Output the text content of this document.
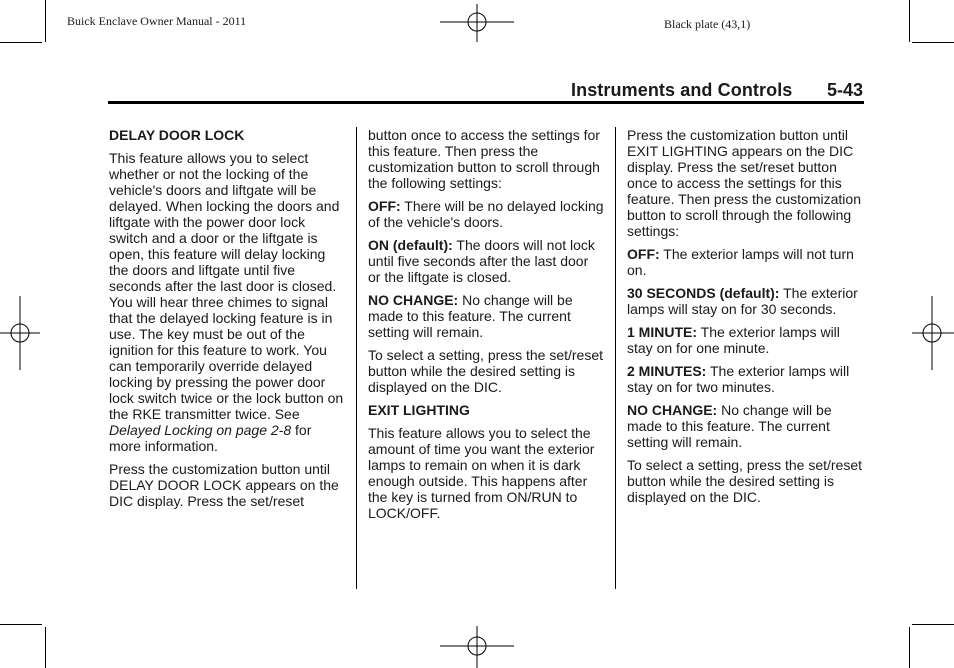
Buick Enclave Owner Manual - 2011	Black plate (43,1)
Instruments and Controls 5-43

DELAY DOOR LOCK

This feature allows you to select whether or not the locking of the vehicle's doors and liftgate will be delayed. When locking the doors and liftgate with the power door lock switch and a door or the liftgate is open, this feature will delay locking the doors and liftgate until five seconds after the last door is closed. You will hear three chimes to signal that the delayed locking feature is in use. The key must be out of the ignition for this feature to work. You can temporarily override delayed locking by pressing the power door lock switch twice or the lock button on the RKE transmitter twice. See Delayed Locking on page 2‑8 for more information.

Press the customization button until DELAY DOOR LOCK appears on the DIC display. Press the set/reset

button once to access the settings for this feature. Then press the customization button to scroll through the following settings:

OFF: There will be no delayed locking of the vehicle's doors.

ON (default): The doors will not lock until five seconds after the last door or the liftgate is closed.

NO CHANGE: No change will be made to this feature. The current setting will remain.

To select a setting, press the set/reset button while the desired setting is displayed on the DIC.

EXIT LIGHTING

This feature allows you to select the amount of time you want the exterior lamps to remain on when it is dark enough outside. This happens after the key is turned from ON/RUN to LOCK/OFF.

Press the customization button until EXIT LIGHTING appears on the DIC display. Press the set/reset button once to access the settings for this feature. Then press the customization button to scroll through the following settings:

OFF: The exterior lamps will not turn on.

30 SECONDS (default): The exterior lamps will stay on for 30 seconds.

1 MINUTE: The exterior lamps will stay on for one minute.

2 MINUTES: The exterior lamps will stay on for two minutes.

NO CHANGE: No change will be made to this feature. The current setting will remain.

To select a setting, press the set/reset button while the desired setting is displayed on the DIC.
